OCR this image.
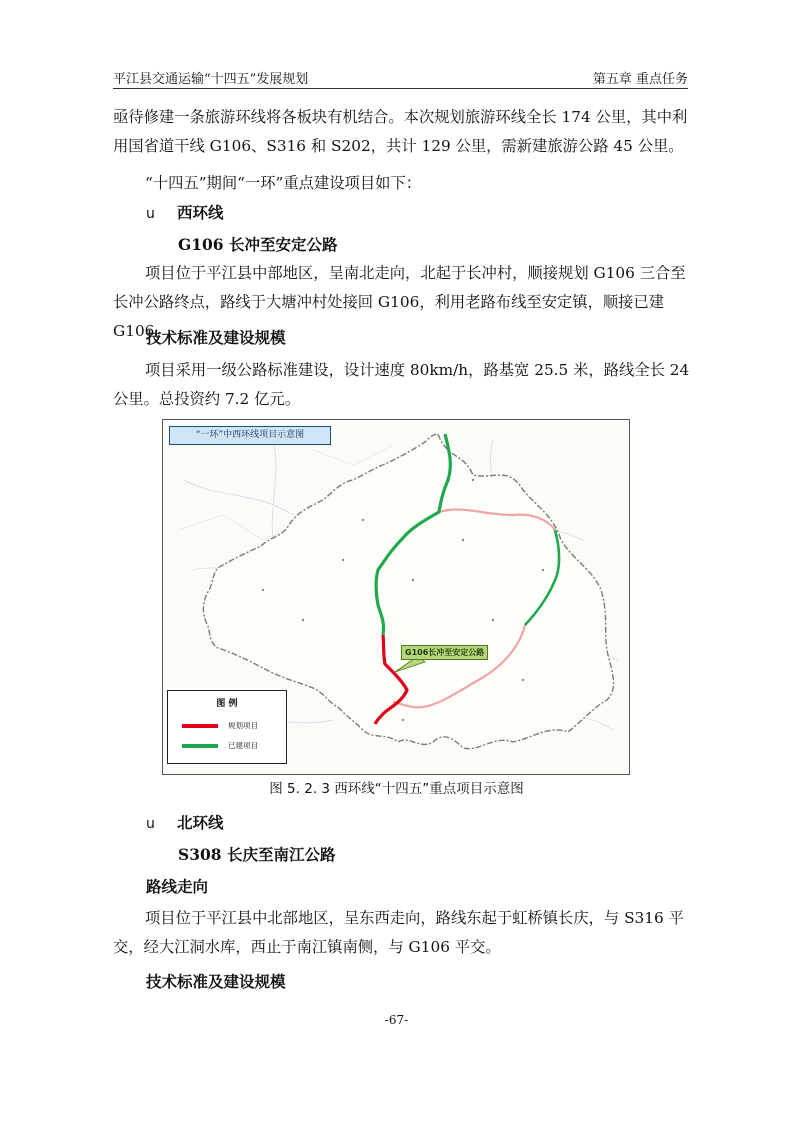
平江县交通运输“十四五”发展规划	第五章 重点任务

亟待修建一条旅游环线将各板块有机结合。本次规划旅游环线全长 174 公里，其中利用国省道干线 G106、S316 和 S202，共计 129 公里，需新建旅游公路 45 公里。

“十四五”期间“一环”重点建设项目如下：

u 西环线
G106 长冲至安定公路

项目位于平江县中部地区，呈南北走向，北起于长冲村，顺接规划 G106 三合至长冲公路终点，路线于大塘冲村处接回 G106，利用老路布线至安定镇，顺接已建 G106。

技术标准及建设规模

项目采用一级公路标准建设，设计速度 80km/h，路基宽 25.5 米，路线全长 24 公里。总投资约 7.2 亿元。

“一环”中西环线项目示意图
G106长冲至安定公路
图 例
规划项目
已建项目
图 5. 2. 3 西环线“十四五”重点项目示意图
u 北环线
S308 长庆至南江公路
路线走向

项目位于平江县中北部地区，呈东西走向，路线东起于虹桥镇长庆，与 S316 平交，经大江洞水库，西止于南江镇南侧，与 G106 平交。

技术标准及建设规模
-67-
